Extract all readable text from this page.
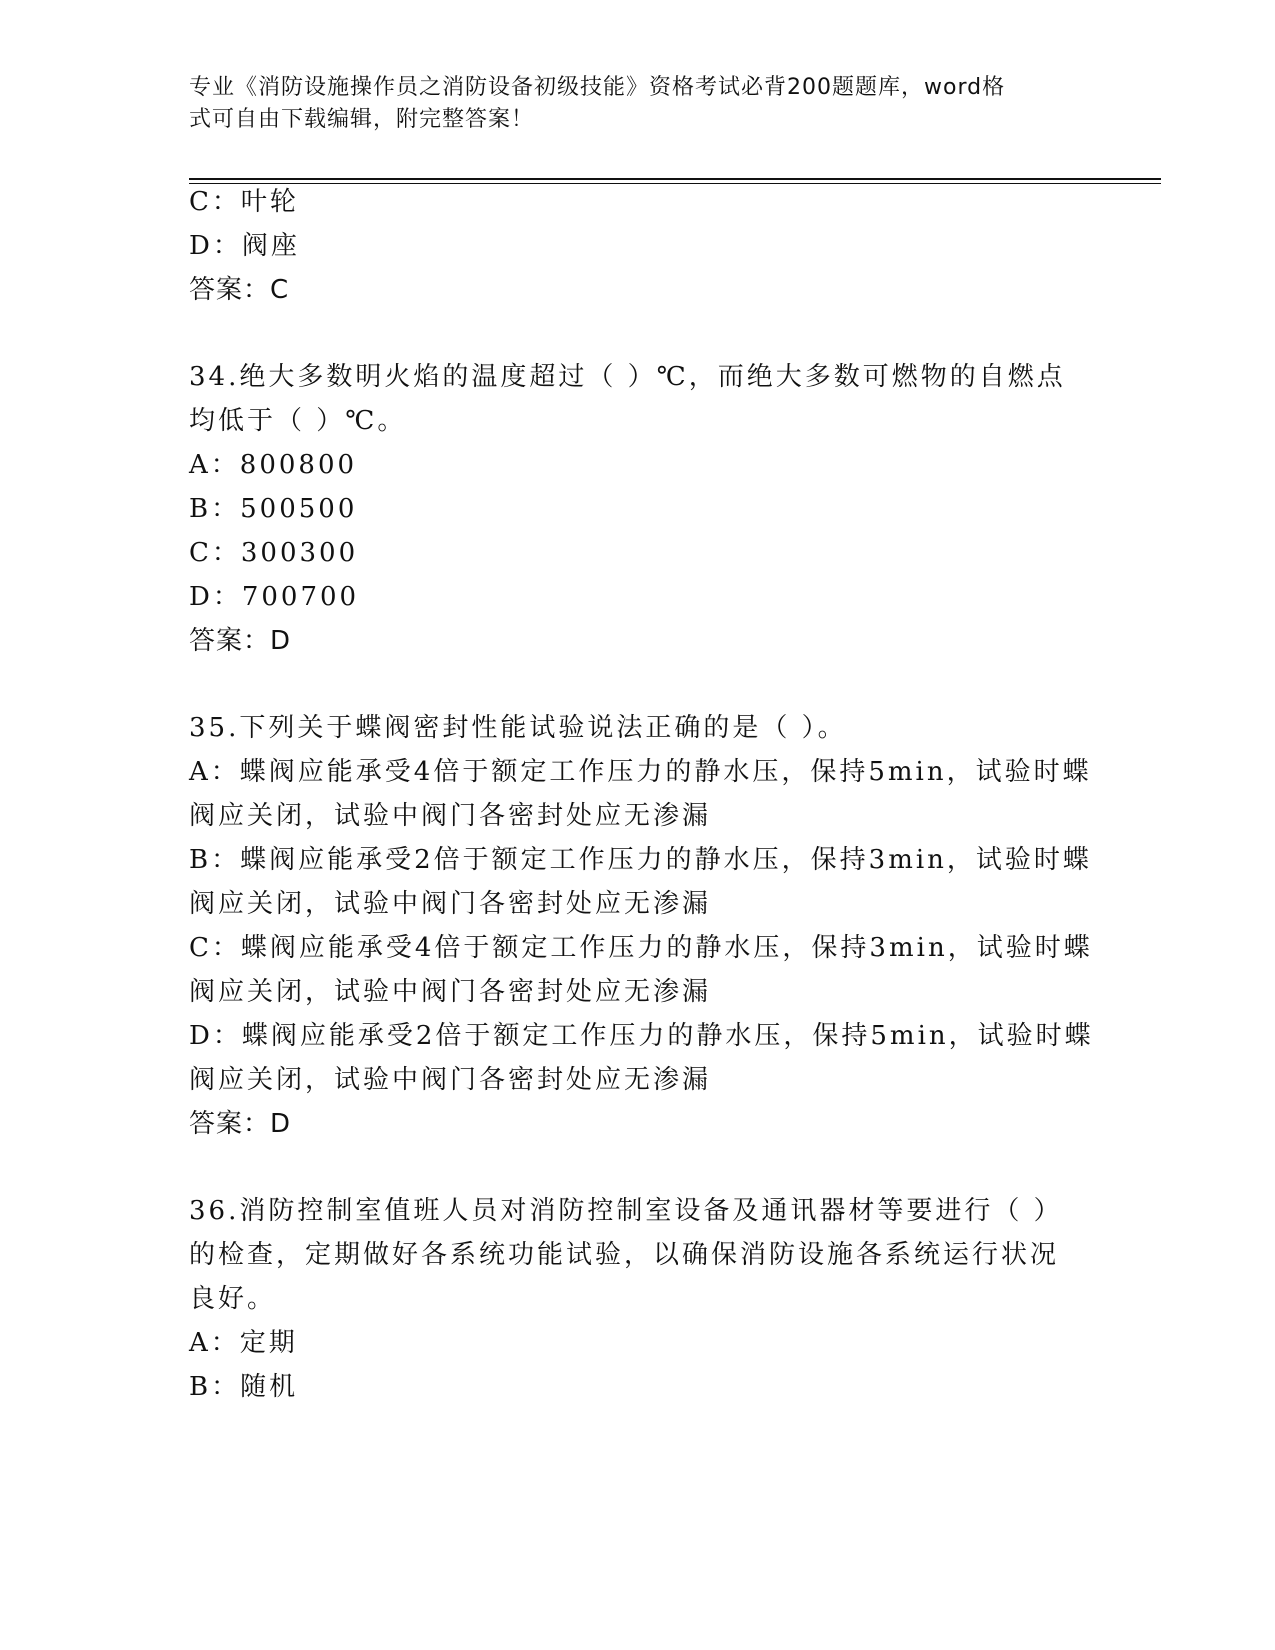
专业《消防设施操作员之消防设备初级技能》资格考试必背200题题库，word格
式可自由下载编辑，附完整答案！
C：叶轮
D：阀座
答案：C
34.绝大多数明火焰的温度超过（ ）℃，而绝大多数可燃物的自燃点
均低于（ ）℃。
A：800800
B：500500
C：300300
D：700700
答案：D
35.下列关于蝶阀密封性能试验说法正确的是（ ）。
A：蝶阀应能承受4倍于额定工作压力的静水压，保持5min，试验时蝶
阀应关闭，试验中阀门各密封处应无渗漏
B：蝶阀应能承受2倍于额定工作压力的静水压，保持3min，试验时蝶
阀应关闭，试验中阀门各密封处应无渗漏
C：蝶阀应能承受4倍于额定工作压力的静水压，保持3min，试验时蝶
阀应关闭，试验中阀门各密封处应无渗漏
D：蝶阀应能承受2倍于额定工作压力的静水压，保持5min，试验时蝶
阀应关闭，试验中阀门各密封处应无渗漏
答案：D
36.消防控制室值班人员对消防控制室设备及通讯器材等要进行（ ）
的检查，定期做好各系统功能试验，以确保消防设施各系统运行状况
良好。
A：定期
B：随机
